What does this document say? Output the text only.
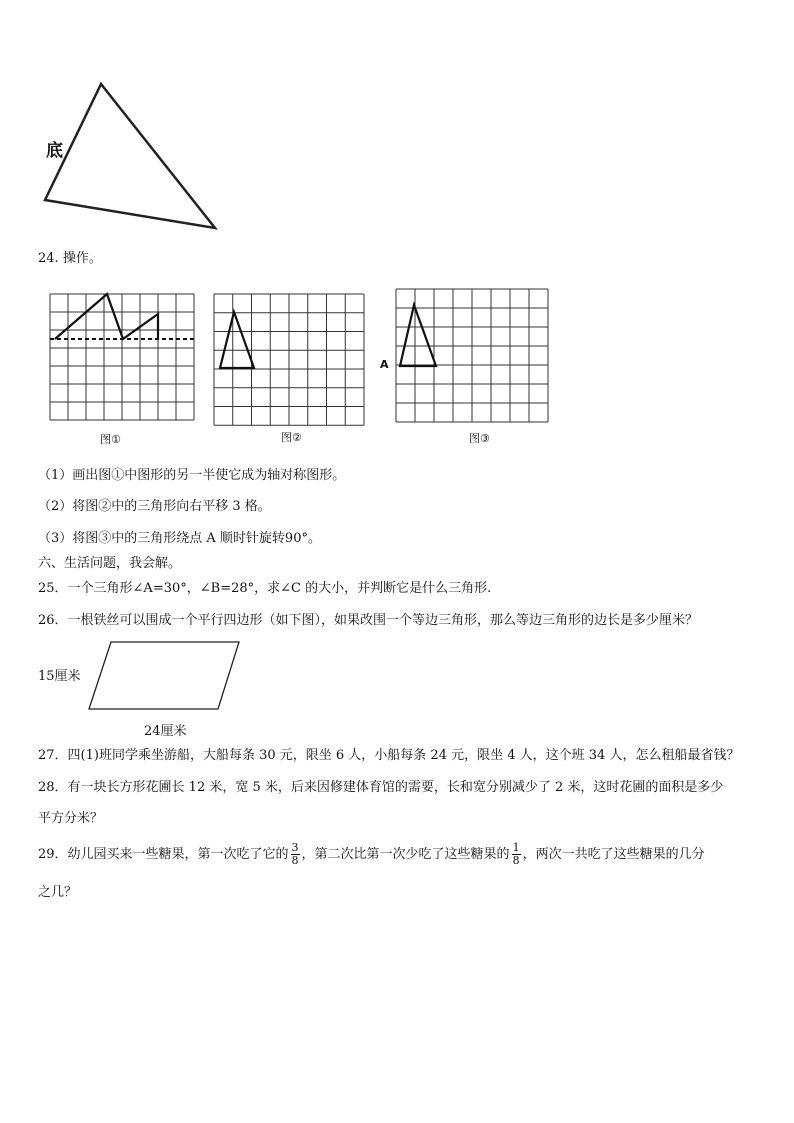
底
24. 操作。
A
图①	图②	图③
（1）画出图①中图形的另一半使它成为轴对称图形。
（2）将图②中的三角形向右平移 3 格。
（3）将图③中的三角形绕点 A 顺时针旋转90°。
六、生活问题，我会解。
25．一个三角形∠A=30°，∠B=28°，求∠C 的大小，并判断它是什么三角形.
26．一根铁丝可以围成一个平行四边形（如下图），如果改围一个等边三角形，那么等边三角形的边长是多少厘米？
15厘米
24厘米
27．四(1)班同学乘坐游船，大船每条 30 元，限坐 6 人，小船每条 24 元，限坐 4 人，这个班 34 人，怎么租船最省钱？
28．有一块长方形花圃长 12 米，宽 5 米，后来因修建体育馆的需要，长和宽分别减少了 2 米，这时花圃的面积是多少
平方分米？
29．幼儿园买来一些糖果，第一次吃了它的 $\frac{3}{8}$ ，第二次比第一次少吃了这些糖果的 $\frac{1}{8}$ ，两次一共吃了这些糖果的几分
之几？
